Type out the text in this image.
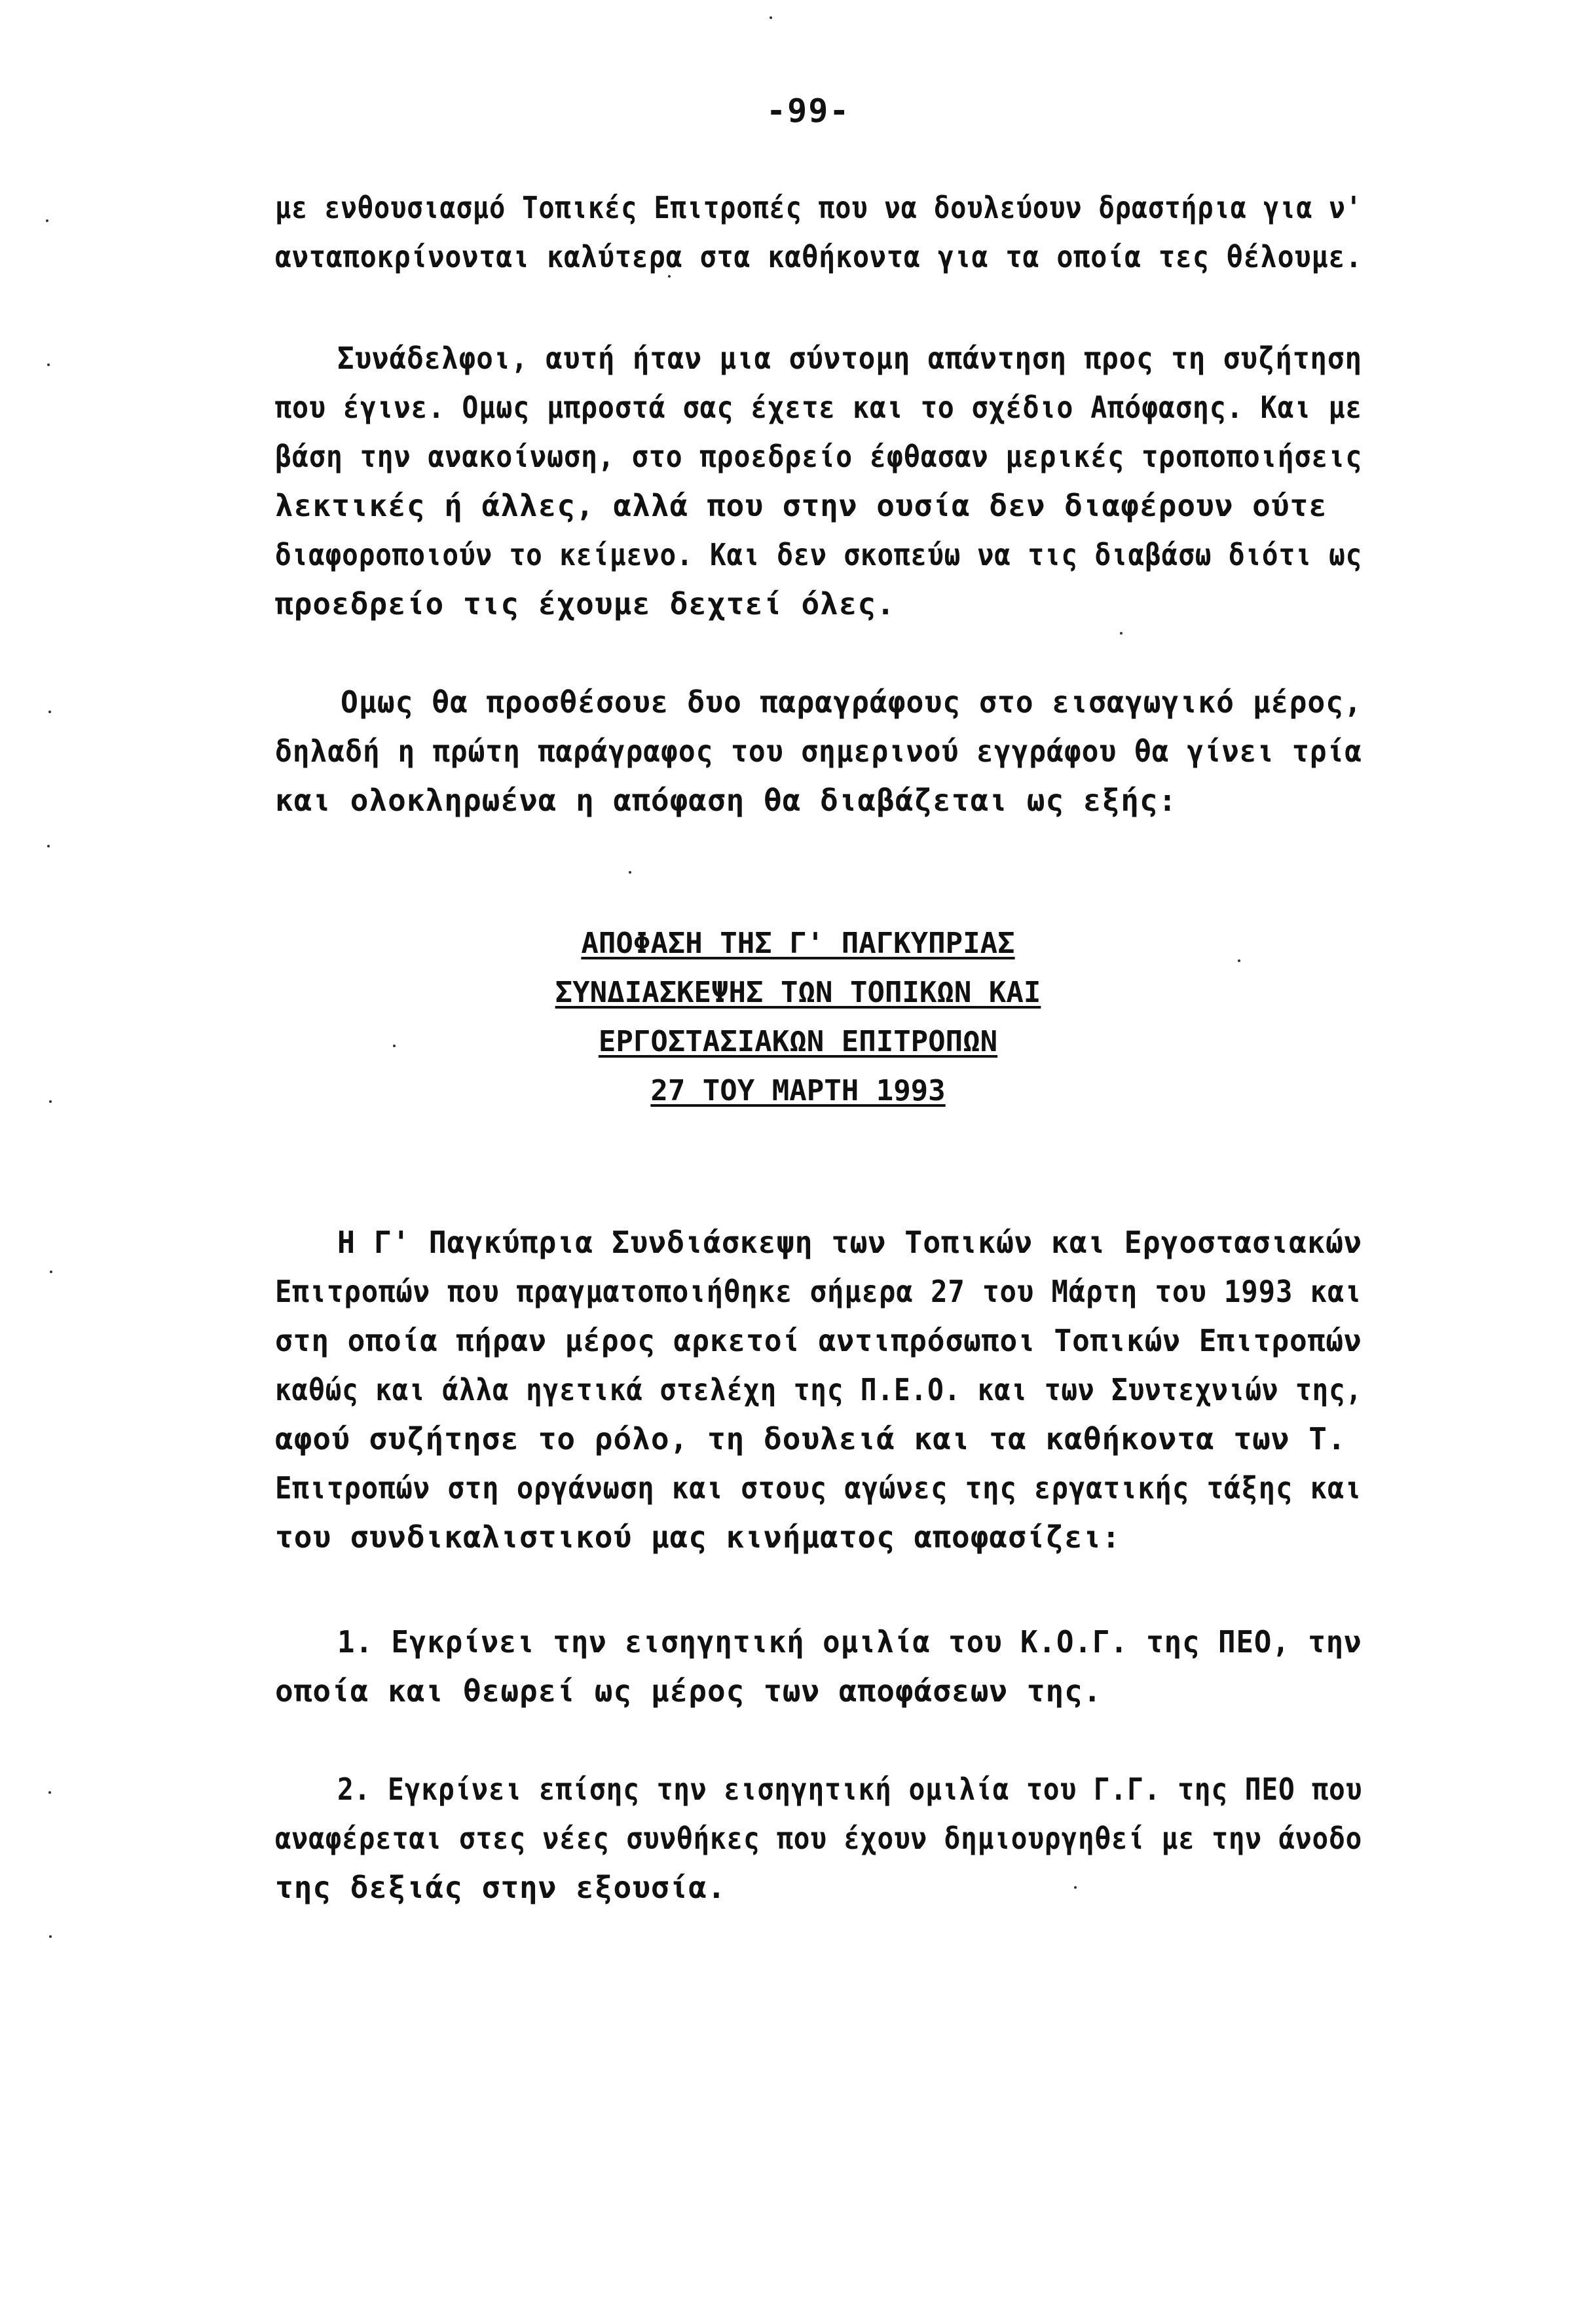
-99-
με ενθουσιασμό Τοπικές Επιτροπές που να δουλεύουν δραστήρια για ν'
ανταποκρίνονται καλύτερα στα καθήκοντα για τα οποία τες θέλουμε.
Συνάδελφοι, αυτή ήταν μια σύντομη απάντηση προς τη συζήτηση
που έγινε. Ομως μπροστά σας έχετε και το σχέδιο Απόφασης. Και με
βάση την ανακοίνωση, στο προεδρείο έφθασαν μερικές τροποποιήσεις
λεκτικές ή άλλες, αλλά που στην ουσία δεν διαφέρουν ούτε
διαφοροποιούν το κείμενο. Και δεν σκοπεύω να τις διαβάσω διότι ως
προεδρείο τις έχουμε δεχτεί όλες.
Ομως θα προσθέσουε δυο παραγράφους στο εισαγωγικό μέρος,
δηλαδή η πρώτη παράγραφος του σημερινού εγγράφου θα γίνει τρία
και ολοκληρωένα η απόφαση θα διαβάζεται ως εξής:
ΑΠΟΦΑΣΗ ΤΗΣ Γ' ΠΑΓΚΥΠΡΙΑΣ
ΣΥΝΔΙΑΣΚΕΨΗΣ ΤΩΝ ΤΟΠΙΚΩΝ ΚΑΙ
ΕΡΓΟΣΤΑΣΙΑΚΩΝ ΕΠΙΤΡΟΠΩΝ
27 ΤΟΥ ΜΑΡΤΗ 1993
Η Γ' Παγκύπρια Συνδιάσκεψη των Τοπικών και Εργοστασιακών
Επιτροπών που πραγματοποιήθηκε σήμερα 27 του Μάρτη του 1993 και
στη οποία πήραν μέρος αρκετοί αντιπρόσωποι Τοπικών Επιτροπών
καθώς και άλλα ηγετικά στελέχη της Π.Ε.Ο. και των Συντεχνιών της,
αφού συζήτησε το ρόλο, τη δουλειά και τα καθήκοντα των Τ.
Επιτροπών στη οργάνωση και στους αγώνες της εργατικής τάξης και
του συνδικαλιστικού μας κινήματος αποφασίζει:
1. Εγκρίνει την εισηγητική ομιλία του Κ.Ο.Γ. της ΠΕΟ, την
οποία και θεωρεί ως μέρος των αποφάσεων της.
2. Εγκρίνει επίσης την εισηγητική ομιλία του Γ.Γ. της ΠΕΟ που
αναφέρεται στες νέες συνθήκες που έχουν δημιουργηθεί με την άνοδο
της δεξιάς στην εξουσία.
